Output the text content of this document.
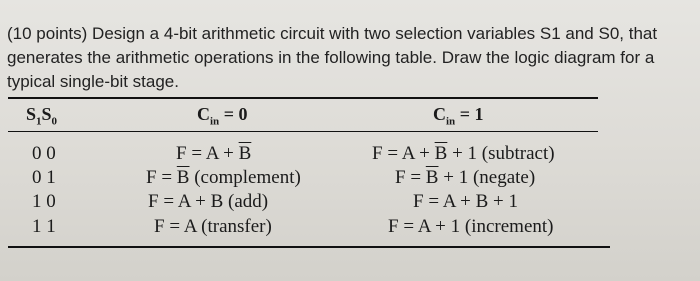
(10 points) Design a 4-bit arithmetic circuit with two selection variables S1 and S0, that
generates the arithmetic operations in the following table. Draw the logic diagram for a
typical single-bit stage.
$S_1S_0$	$C_{in} = 0$	$C_{in} = 1$
0 0	$F = A + \overline{B}$	$F = A + \overline{B} + 1$ (subtract)
0 1	$F = \overline{B}$ (complement)	$F = \overline{B} + 1$ (negate)
1 0	F = A + B (add)	F = A + B + 1
1 1	F = A (transfer)	F = A + 1 (increment)
